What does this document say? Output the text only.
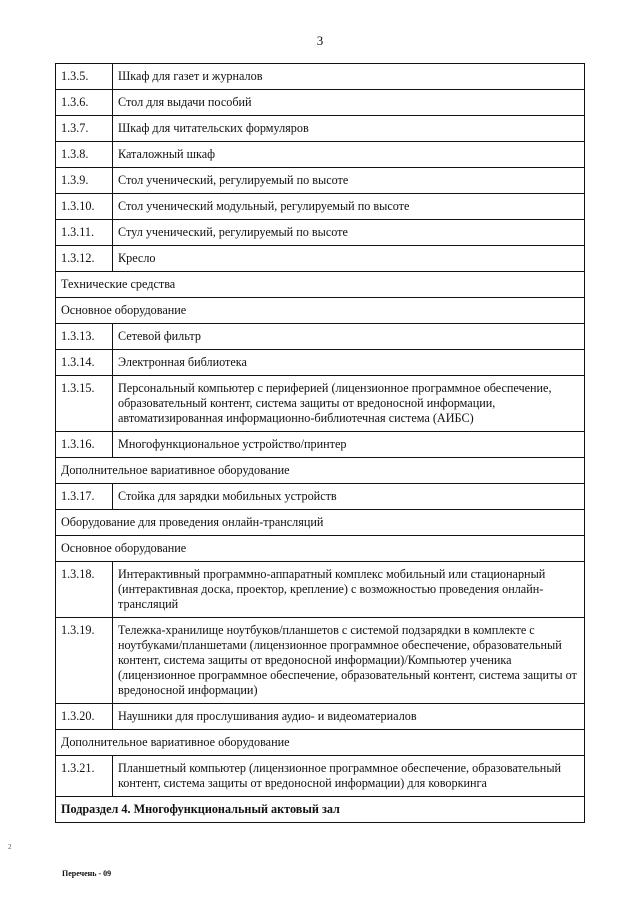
3
1.3.5.	Шкаф для газет и журналов
1.3.6.	Стол для выдачи пособий
1.3.7.	Шкаф для читательских формуляров
1.3.8.	Каталожный шкаф
1.3.9.	Стол ученический, регулируемый по высоте
1.3.10.	Стол ученический модульный, регулируемый по высоте
1.3.11.	Стул ученический, регулируемый по высоте
1.3.12.	Кресло
Технические средства	
Основное оборудование	
1.3.13.	Сетевой фильтр
1.3.14.	Электронная библиотека
1.3.15.	Персональный компьютер с периферией (лицензионное программное обеспечение, образовательный контент, система защиты от вредоносной информации, автоматизированная информационно-библиотечная система (АИБС)
1.3.16.	Многофункциональное устройство/принтер
Дополнительное вариативное оборудование	
1.3.17.	Стойка для зарядки мобильных устройств
Оборудование для проведения онлайн-трансляций	
Основное оборудование	
1.3.18.	Интерактивный программно-аппаратный комплекс мобильный или стационарный (интерактивная доска, проектор, крепление) с возможностью проведения онлайн-трансляций
1.3.19.	Тележка-хранилище ноутбуков/планшетов с системой подзарядки в комплекте с ноутбуками/планшетами (лицензионное программное обеспечение, образовательный контент, система защиты от вредоносной информации)/Компьютер ученика (лицензионное программное обеспечение, образовательный контент, система защиты от вредоносной информации)
1.3.20.	Наушники для прослушивания аудио- и видеоматериалов
Дополнительное вариативное оборудование	
1.3.21.	Планшетный компьютер (лицензионное программное обеспечение, образовательный контент, система защиты от вредоносной информации) для коворкинга
Подраздел 4. Многофункциональный актовый зал	
Перечень - 09
2
